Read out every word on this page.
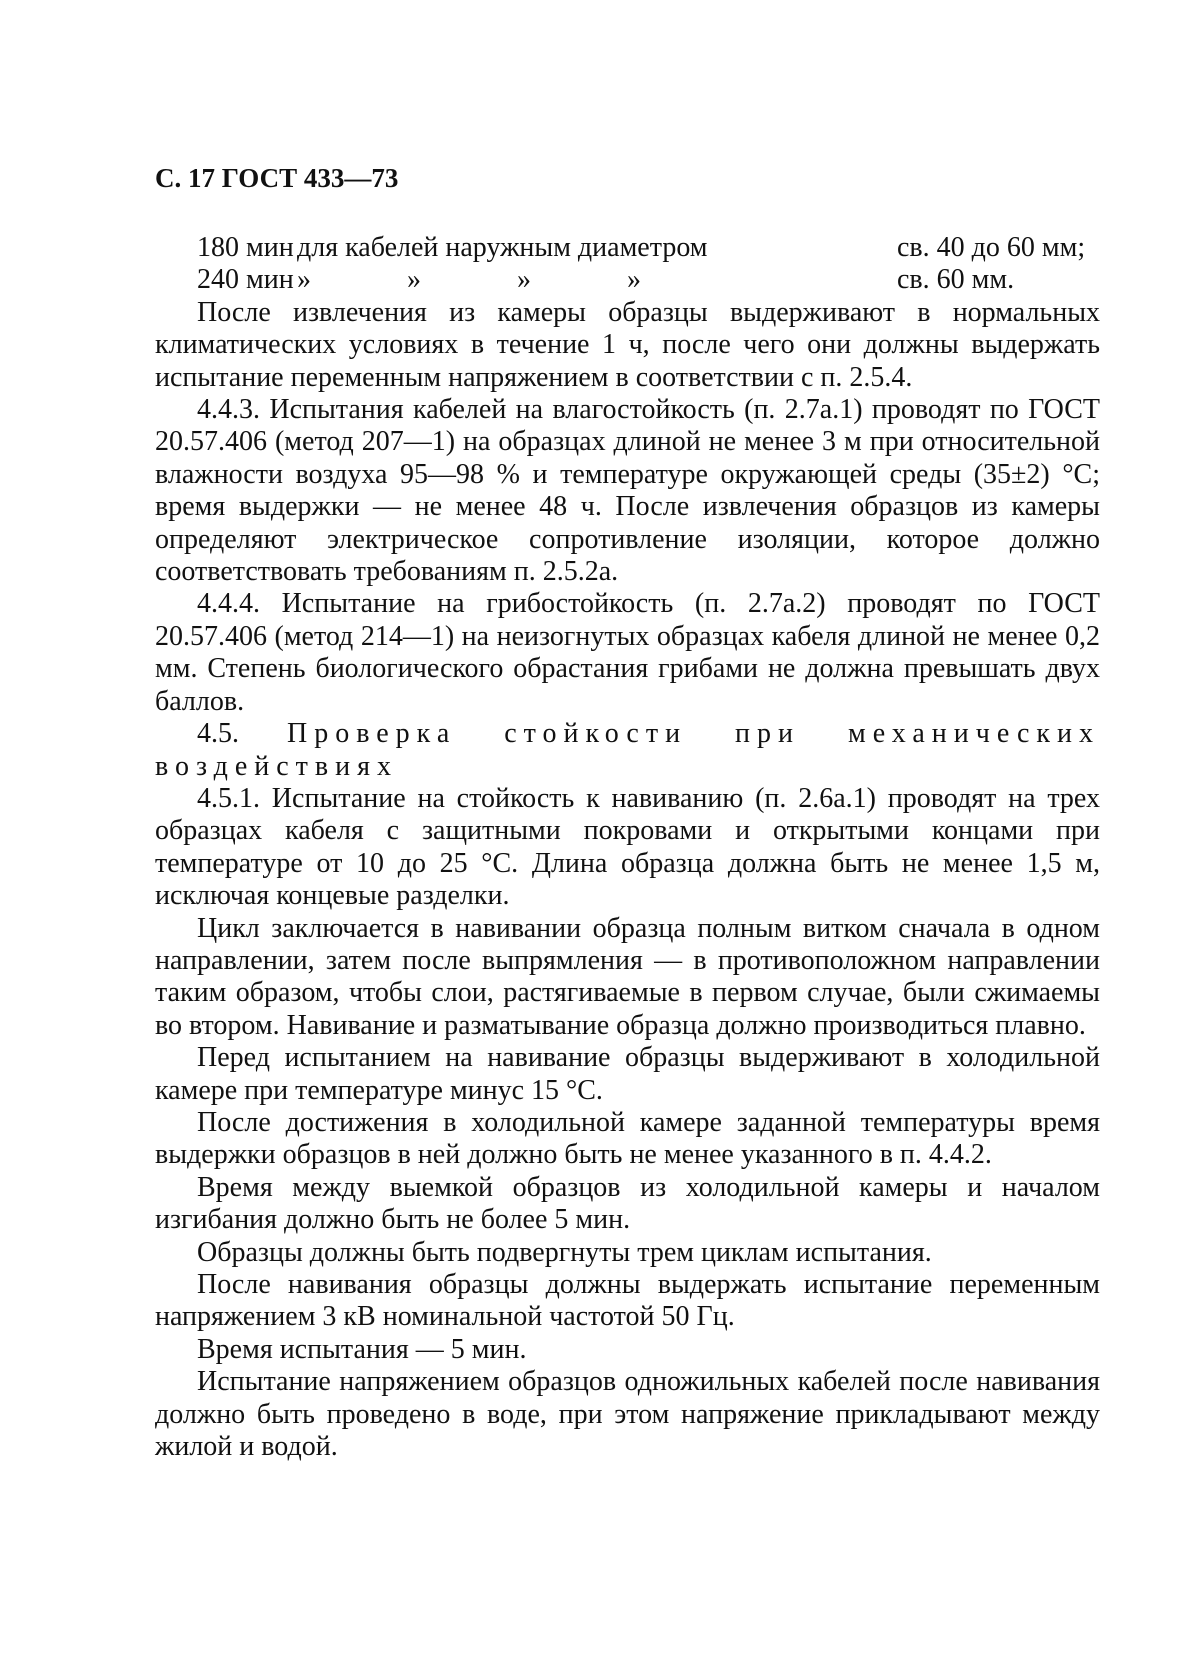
С. 17 ГОСТ 433—73
180 мин для кабелей наружным диаметром	св. 40 до 60 мм;
240 мин »	»	»	»	св. 60 мм.

После извлечения из камеры образцы выдерживают в нормальных климатических условиях в течение 1 ч, после чего они должны выдержать испытание переменным напряжением в соответствии с п. 2.5.4.

4.4.3. Испытания кабелей на влагостойкость (п. 2.7а.1) проводят по ГОСТ 20.57.406 (метод 207—1) на образцах длиной не менее 3 м при относительной влажности воздуха 95—98 % и температуре окружающей среды (35±2) °С; время выдержки — не менее 48 ч. После извлечения образцов из камеры определяют электрическое сопротивление изоляции, которое должно соответствовать требованиям п. 2.5.2а.

4.4.4. Испытание на грибостойкость (п. 2.7а.2) проводят по ГОСТ 20.57.406 (метод 214—1) на неизогнутых образцах кабеля длиной не менее 0,2 мм. Степень биологического обрастания грибами не должна превышать двух баллов.

4.5. Проверка стойкости при механических
воздействиях

4.5.1. Испытание на стойкость к навиванию (п. 2.6а.1) проводят на трех образцах кабеля с защитными покровами и открытыми концами при температуре от 10 до 25 °С. Длина образца должна быть не менее 1,5 м, исключая концевые разделки.

Цикл заключается в навивании образца полным витком сначала в одном направлении, затем после выпрямления — в противоположном направлении таким образом, чтобы слои, растягиваемые в первом случае, были сжимаемы во втором. Навивание и разматывание образца должно производиться плавно.

Перед испытанием на навивание образцы выдерживают в холодильной камере при температуре минус 15 °С.

После достижения в холодильной камере заданной температуры время выдержки образцов в ней должно быть не менее указанного в п. 4.4.2.

Время между выемкой образцов из холодильной камеры и началом изгибания должно быть не более 5 мин.

Образцы должны быть подвергнуты трем циклам испытания.

После навивания образцы должны выдержать испытание переменным напряжением 3 кВ номинальной частотой 50 Гц.

Время испытания — 5 мин.

Испытание напряжением образцов одножильных кабелей после навивания должно быть проведено в воде, при этом напряжение прикладывают между жилой и водой.
